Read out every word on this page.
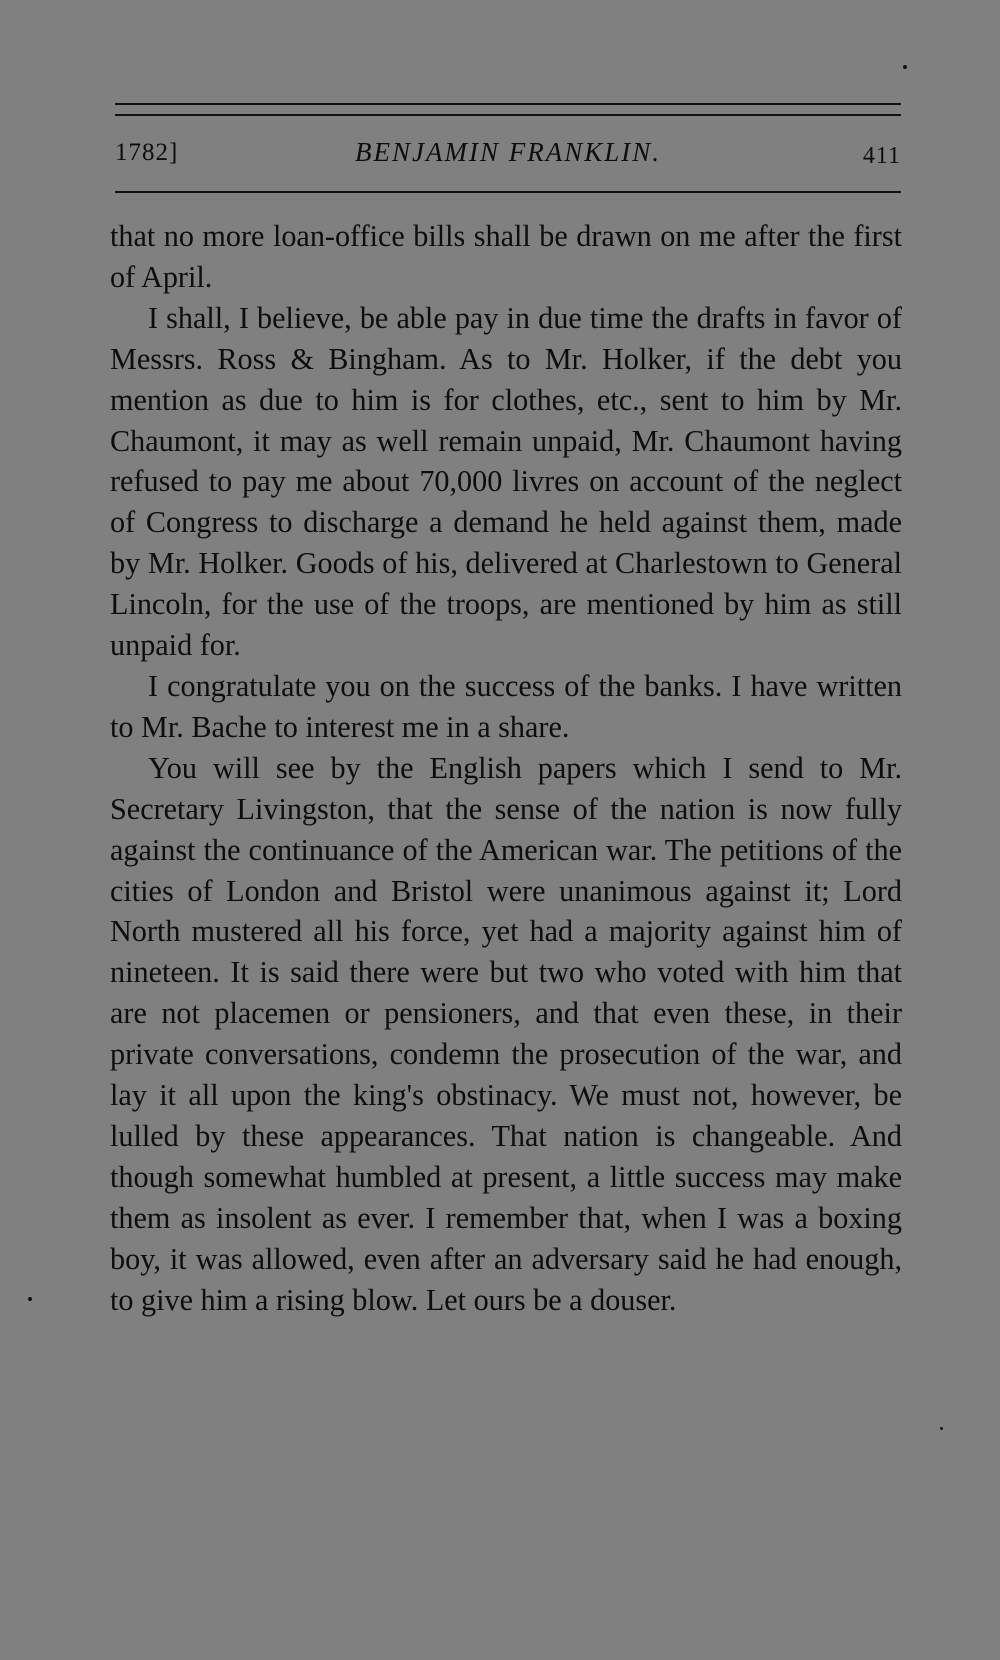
1782]	BENJAMIN FRANKLIN.	411

that no more loan-office bills shall be drawn on me after the first of April.

I shall, I believe, be able pay in due time the drafts in favor of Messrs. Ross & Bingham. As to Mr. Holker, if the debt you mention as due to him is for clothes, etc., sent to him by Mr. Chaumont, it may as well remain unpaid, Mr. Chaumont having refused to pay me about 70,000 livres on account of the neglect of Congress to discharge a demand he held against them, made by Mr. Holker. Goods of his, delivered at Charlestown to General Lincoln, for the use of the troops, are mentioned by him as still unpaid for.

I congratulate you on the success of the banks. I have written to Mr. Bache to interest me in a share.

You will see by the English papers which I send to Mr. Secretary Livingston, that the sense of the nation is now fully against the continuance of the American war. The petitions of the cities of London and Bristol were unanimous against it; Lord North mustered all his force, yet had a majority against him of nineteen. It is said there were but two who voted with him that are not placemen or pensioners, and that even these, in their private conversations, condemn the prosecution of the war, and lay it all upon the king's obstinacy. We must not, however, be lulled by these appearances. That nation is changeable. And though somewhat humbled at present, a little success may make them as insolent as ever. I remember that, when I was a boxing boy, it was allowed, even after an adversary said he had enough, to give him a rising blow. Let ours be a douser.
